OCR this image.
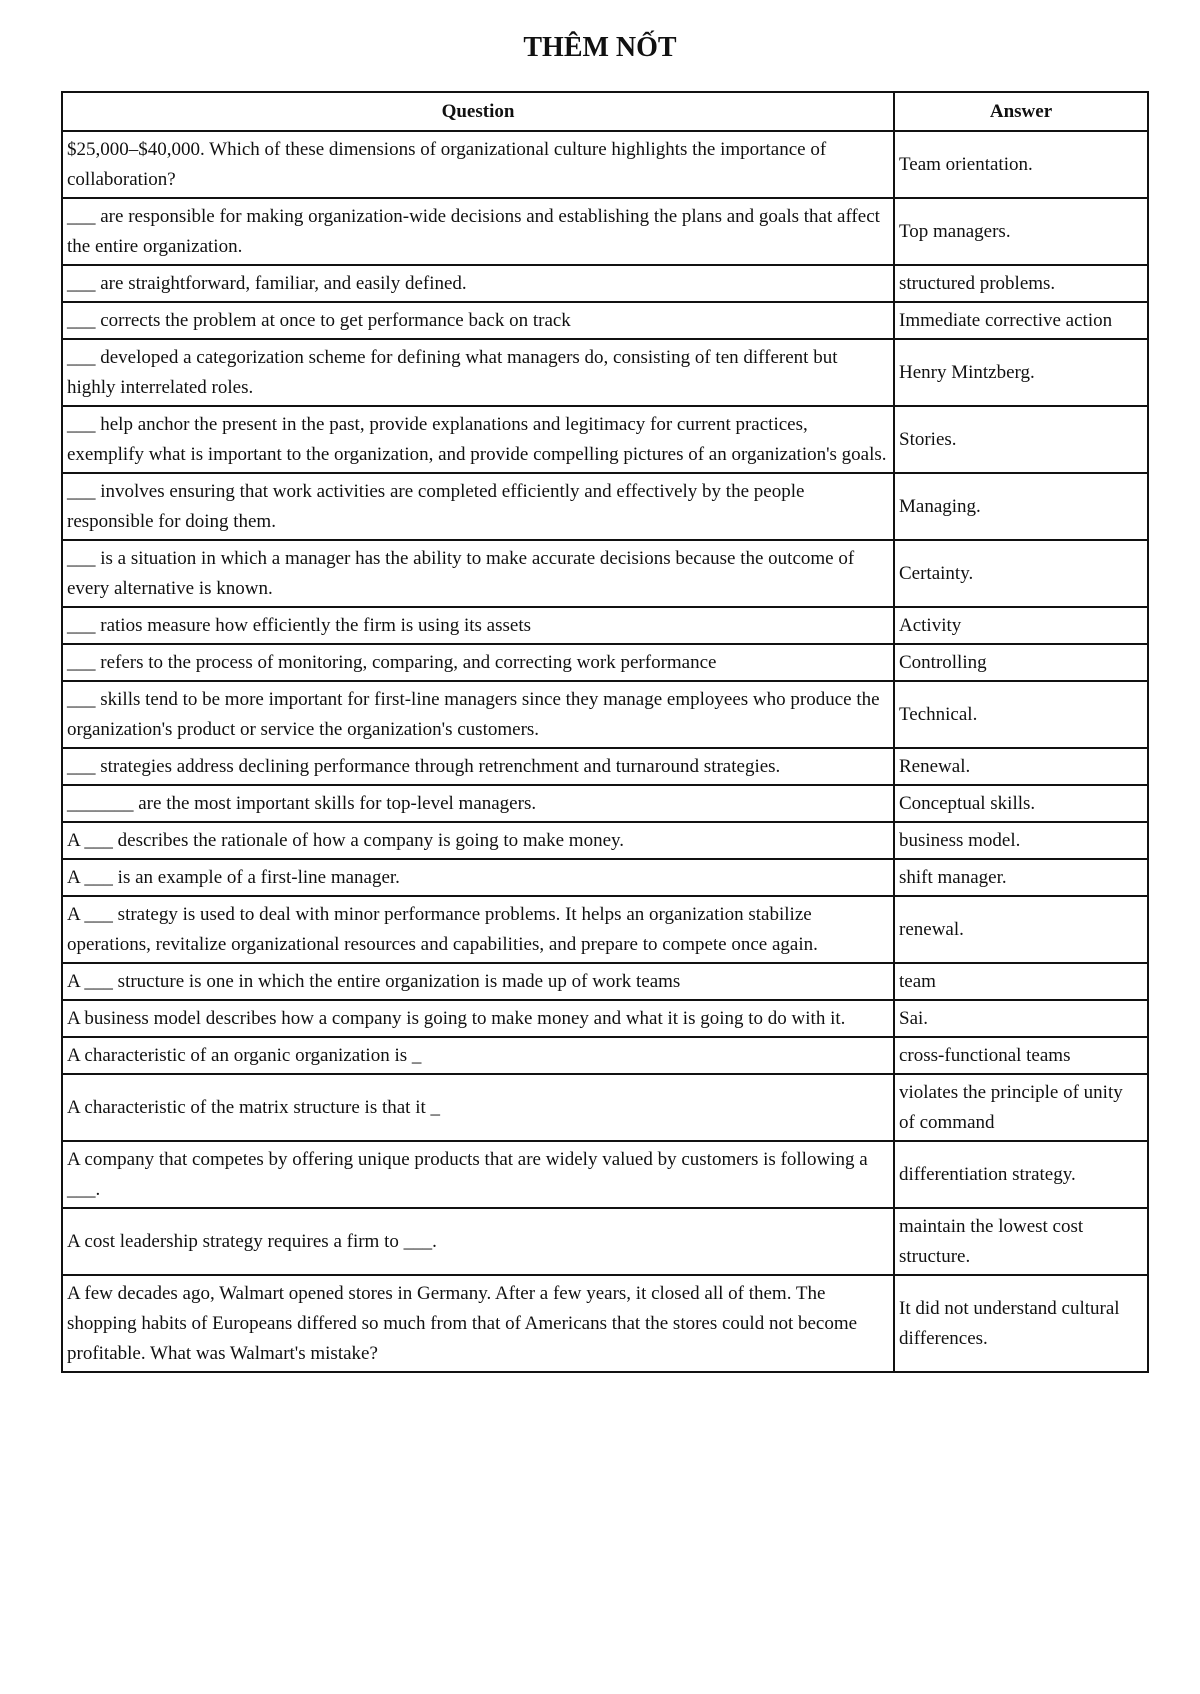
THÊM NỐT
Question	Answer
$25,000–$40,000. Which of these dimensions of organizational culture highlights the importance of collaboration?	Team orientation.
___ are responsible for making organization-wide decisions and establishing the plans and goals that affect the entire organization.	Top managers.
___ are straightforward, familiar, and easily defined.	structured problems.
___ corrects the problem at once to get performance back on track	Immediate corrective action
___ developed a categorization scheme for defining what managers do, consisting of ten different but highly interrelated roles.	Henry Mintzberg.
___ help anchor the present in the past, provide explanations and legitimacy for current practices, exemplify what is important to the organization, and provide compelling pictures of an organization's goals.	Stories.
___ involves ensuring that work activities are completed efficiently and effectively by the people responsible for doing them.	Managing.
___ is a situation in which a manager has the ability to make accurate decisions because the outcome of every alternative is known.	Certainty.
___ ratios measure how efficiently the firm is using its assets	Activity
___ refers to the process of monitoring, comparing, and correcting work performance	Controlling
___ skills tend to be more important for first-line managers since they manage employees who produce the organization's product or service the organization's customers.	Technical.
___ strategies address declining performance through retrenchment and turnaround strategies.	Renewal.
_______ are the most important skills for top-level managers.	Conceptual skills.
A ___ describes the rationale of how a company is going to make money.	business model.
A ___ is an example of a first-line manager.	shift manager.
A ___ strategy is used to deal with minor performance problems. It helps an organization stabilize operations, revitalize organizational resources and capabilities, and prepare to compete once again.	renewal.
A ___ structure is one in which the entire organization is made up of work teams	team
A business model describes how a company is going to make money and what it is going to do with it.	Sai.
A characteristic of an organic organization is _	cross-functional teams
A characteristic of the matrix structure is that it _	violates the principle of unity of command
A company that competes by offering unique products that are widely valued by customers is following a ___.	differentiation strategy.
A cost leadership strategy requires a firm to ___.	maintain the lowest cost structure.
A few decades ago, Walmart opened stores in Germany. After a few years, it closed all of them. The shopping habits of Europeans differed so much from that of Americans that the stores could not become profitable. What was Walmart's mistake?	It did not understand cultural differences.
